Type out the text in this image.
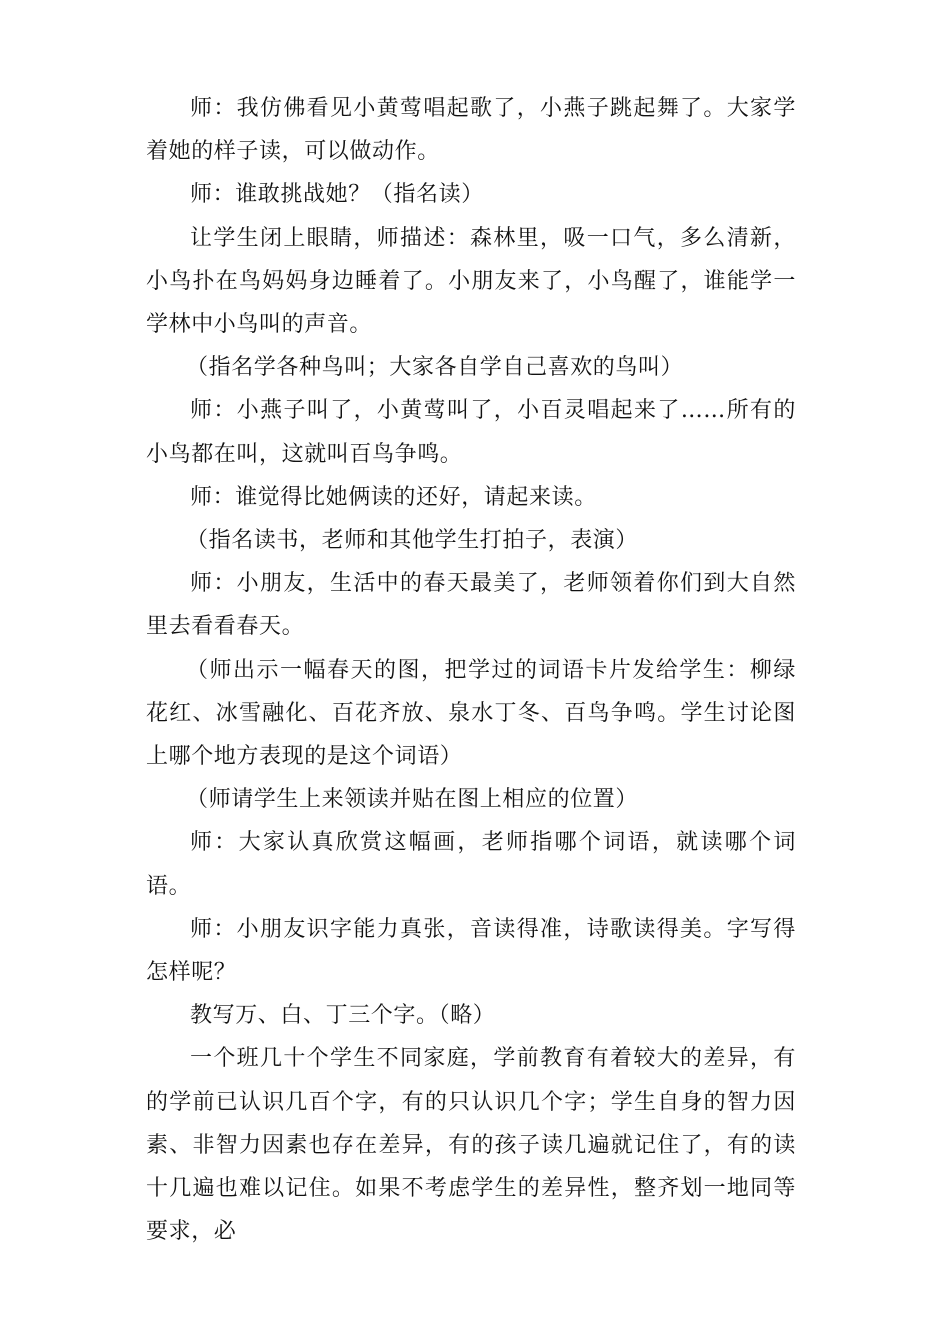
师：我仿佛看见小黄莺唱起歌了，小燕子跳起舞了。大家学着她的样子读，可以做动作。

师：谁敢挑战她？（指名读）

让学生闭上眼睛，师描述：森林里，吸一口气，多么清新，小鸟扑在鸟妈妈身边睡着了。小朋友来了，小鸟醒了，谁能学一学林中小鸟叫的声音。

（指名学各种鸟叫；大家各自学自己喜欢的鸟叫）

师：小燕子叫了，小黄莺叫了，小百灵唱起来了……所有的小鸟都在叫，这就叫百鸟争鸣。

师：谁觉得比她俩读的还好，请起来读。

（指名读书，老师和其他学生打拍子，表演）

师：小朋友，生活中的春天最美了，老师领着你们到大自然里去看看春天。

（师出示一幅春天的图，把学过的词语卡片发给学生：柳绿花红、冰雪融化、百花齐放、泉水丁冬、百鸟争鸣。学生讨论图上哪个地方表现的是这个词语）

（师请学生上来领读并贴在图上相应的位置）

师：大家认真欣赏这幅画，老师指哪个词语，就读哪个词语。

师：小朋友识字能力真张，音读得准，诗歌读得美。字写得怎样呢？

教写万、白、丁三个字。（略）

一个班几十个学生不同家庭，学前教育有着较大的差异，有的学前已认识几百个字，有的只认识几个字；学生自身的智力因素、非智力因素也存在差异，有的孩子读几遍就记住了，有的读十几遍也难以记住。如果不考虑学生的差异性，整齐划一地同等要求，必
